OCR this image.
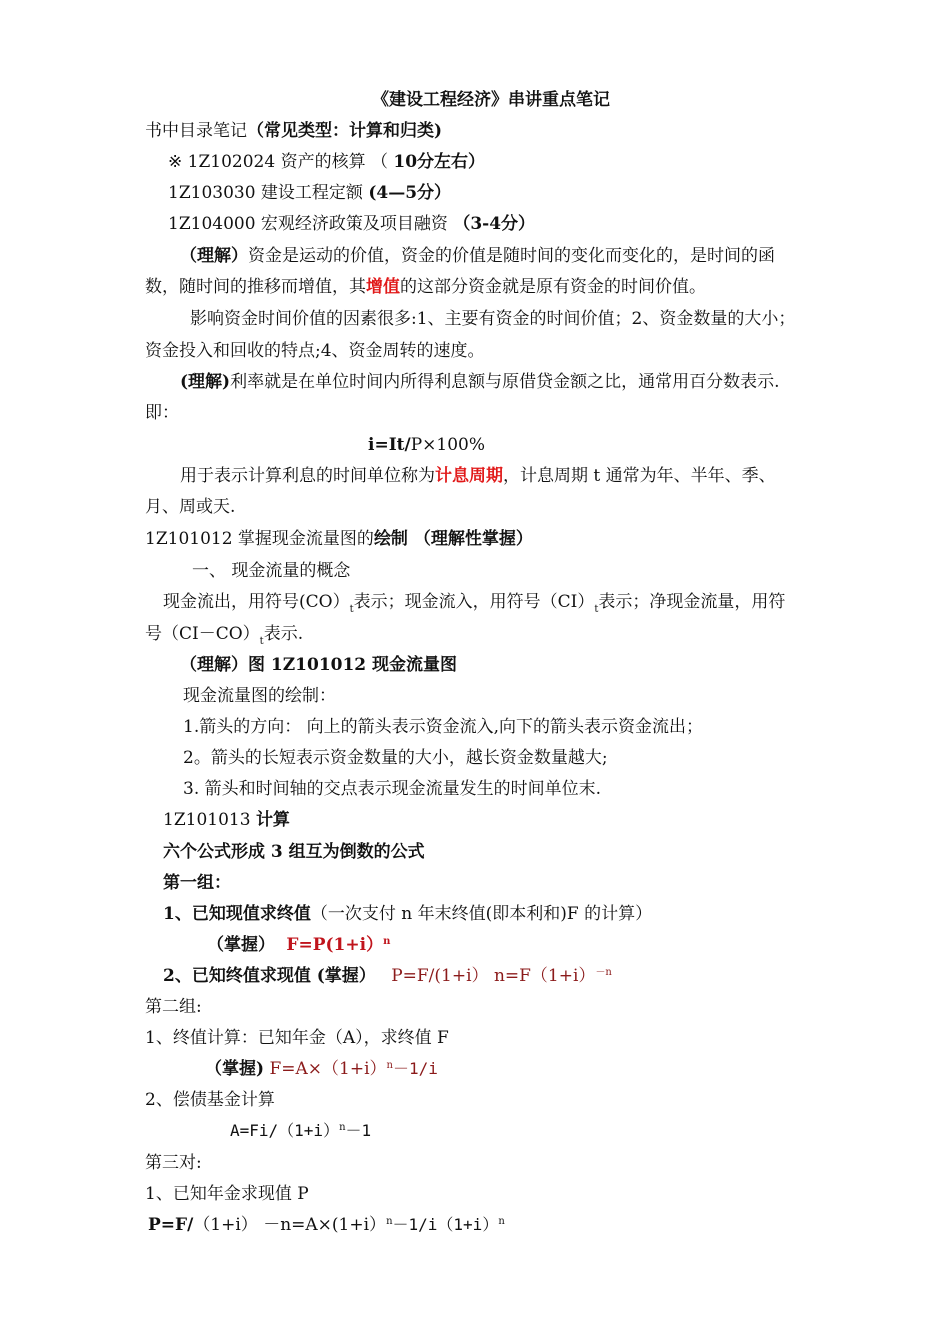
《建设工程经济》串讲重点笔记
书中目录笔记（常见类型：计算和归类)
※ 1Z102024 资产的核算 （ 10分左右）
1Z103030 建设工程定额 (4—5分）
1Z104000 宏观经济政策及项目融资 （3-4分）
（理解）资金是运动的价值，资金的价值是随时间的变化而变化的，是时间的函
数，随时间的推移而增值，其增值的这部分资金就是原有资金的时间价值。
影响资金时间价值的因素很多:1、主要有资金的时间价值；2、资金数量的大小；
资金投入和回收的特点;4、资金周转的速度。
(理解)利率就是在单位时间内所得利息额与原借贷金额之比，通常用百分数表示.
即：
i=It/P×100%
用于表示计算利息的时间单位称为计息周期，计息周期 t 通常为年、半年、季、
月、周或天.
1Z101012 掌握现金流量图的绘制 （理解性掌握）
一、 现金流量的概念
现金流出，用符号$(CO)_t$表示；现金流入，用符号$(CI)_t$表示；净现金流量，用符
号$(CI-CO)_t$表示.
（理解）图 1Z101012 现金流量图
现金流量图的绘制：
1.箭头的方向： 向上的箭头表示资金流入,向下的箭头表示资金流出；
2。箭头的长短表示资金数量的大小，越长资金数量越大;
3. 箭头和时间轴的交点表示现金流量发生的时间单位末.
1Z101013 计算
六个公式形成 3 组互为倒数的公式
第一组：
1、已知现值求终值（一次支付 n 年末终值(即本利和)F 的计算）
（掌握） F=P(1+i）$^n$
2、已知终值求现值 (掌握） P=F/(1+i） $n=F(1+i)^{-n}$
第二组:
1、终值计算：已知年金（A），求终值 F
（掌握) $F=A\times(1+i)^n-1/i$
2、偿债基金计算
$A=Fi/(1+i)^n-1$
第三对:
1、已知年金求现值 P
$P=F/(1+i) -n=A\times(1+i)^n-1/i(1+i)^n$
